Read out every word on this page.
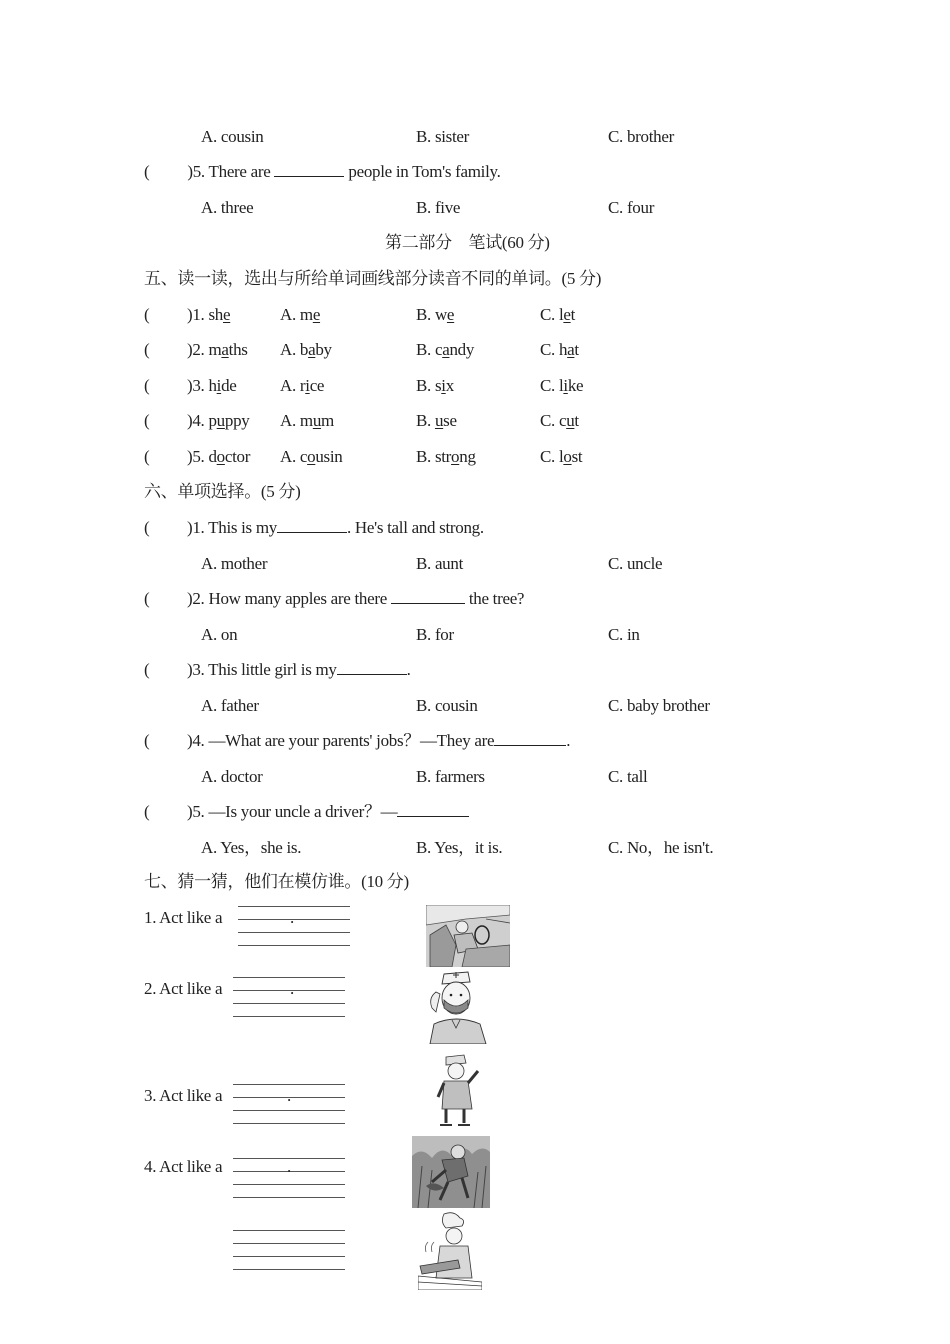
A. cousin	B. sister	C. brother
( )5. There are	people in Tom's family.
A. three	B. five	C. four
第二部分　笔试(60 分)
五、读一读，选出与所给单词画线部分读音不同的单词。(5 分)
( )1. she	A. me	B. we	C. let
( )2. maths A. baby	B. candy	C. hat
( )3. hide	A. rice	B. six	C. like
( )4. puppy A. mum	B. use	C. cut
( )5. doctor A. cousin	B. strong	C. lost
六、单项选择。(5 分)
( )1. This is my	. He's tall and strong.
A. mother	B. aunt	C. uncle
( )2. How many apples are there	the tree?
A. on	B. for	C. in
( )3. This little girl is my	.
A. father	B. cousin	C. baby brother
( )4. —What are your parents' jobs？—They are	.
A. doctor	B. farmers	C. tall
( )5. —Is your uncle a driver？—
A. Yes，she is.	B. Yes，it is.	C. No，he isn't.
七、猜一猜，他们在模仿谁。(10 分)
1. Act like a	.
2. Act like a	.
3. Act like a	.
4. Act like a	.
